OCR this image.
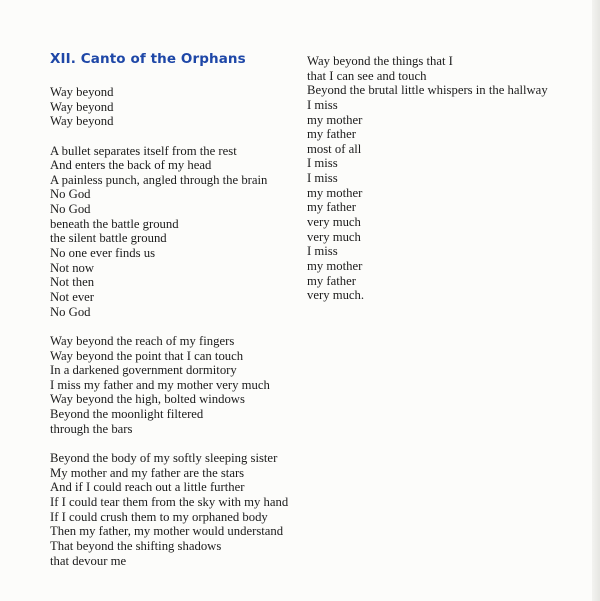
XII. Canto of the Orphans
Way beyond
Way beyond
Way beyond
A bullet separates itself from the rest
And enters the back of my head
A painless punch, angled through the brain
No God
No God
beneath the battle ground
the silent battle ground
No one ever finds us
Not now
Not then
Not ever
No God
Way beyond the reach of my fingers
Way beyond the point that I can touch
In a darkened government dormitory
I miss my father and my mother very much
Way beyond the high, bolted windows
Beyond the moonlight filtered
through the bars
Beyond the body of my softly sleeping sister
My mother and my father are the stars
And if I could reach out a little further
If I could tear them from the sky with my hand
If I could crush them to my orphaned body
Then my father, my mother would understand
That beyond the shifting shadows
that devour me
Way beyond the things that I
that I can see and touch
Beyond the brutal little whispers in the hallway
I miss
my mother
my father
most of all
I miss
I miss
my mother
my father
very much
very much
I miss
my mother
my father
very much.
